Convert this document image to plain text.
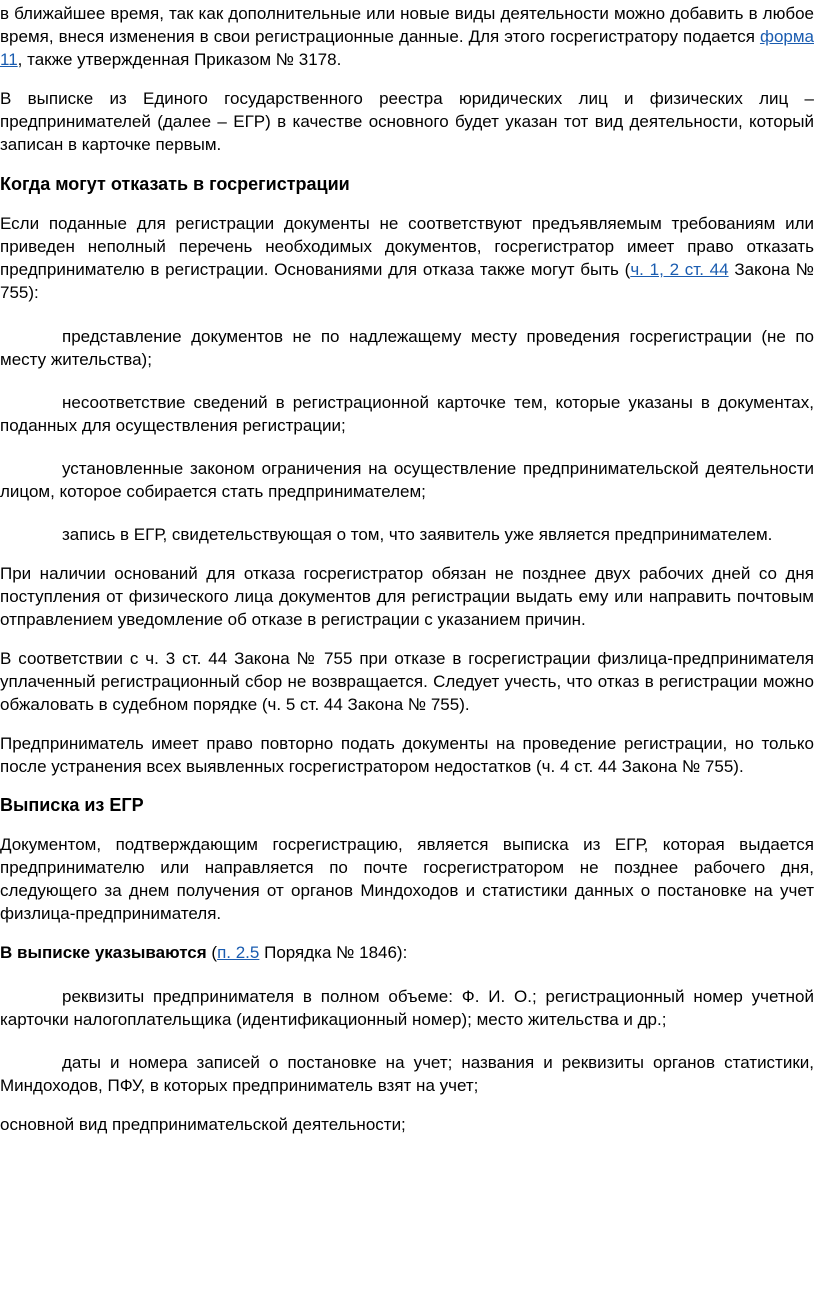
в ближайшее время, так как дополнительные или новые виды деятельности можно добавить в любое время, внеся изменения в свои регистрационные данные. Для этого госрегистратору подается форма 11, также утвержденная Приказом № 3178.

В выписке из Единого государственного реестра юридических лиц и физических лиц – предпринимателей (далее – ЕГР) в качестве основного будет указан тот вид деятельности, который записан в карточке первым.

Когда могут отказать в госрегистрации

Если поданные для регистрации документы не соответствуют предъявляемым требованиям или приведен неполный перечень необходимых документов, госрегистратор имеет право отказать предпринимателю в регистрации. Основаниями для отказа также могут быть (ч. 1, 2 ст. 44 Закона № 755):

представление документов не по надлежащему месту проведения госрегистрации (не по месту жительства);

несоответствие сведений в регистрационной карточке тем, которые указаны в документах, поданных для осуществления регистрации;

установленные законом ограничения на осуществление предпринимательской деятельности лицом, которое собирается стать предпринимателем;

запись в ЕГР, свидетельствующая о том, что заявитель уже является предпринимателем.

При наличии оснований для отказа госрегистратор обязан не позднее двух рабочих дней со дня поступления от физического лица документов для регистрации выдать ему или направить почтовым отправлением уведомление об отказе в регистрации с указанием причин.

В соответствии с ч. 3 ст. 44 Закона № 755 при отказе в госрегистрации физлица-предпринимателя уплаченный регистрационный сбор не возвращается. Следует учесть, что отказ в регистрации можно обжаловать в судебном порядке (ч. 5 ст. 44 Закона № 755).

Предприниматель имеет право повторно подать документы на проведение регистрации, но только после устранения всех выявленных госрегистратором недостатков (ч. 4 ст. 44 Закона № 755).

Выписка из ЕГР

Документом, подтверждающим госрегистрацию, является выписка из ЕГР, которая выдается предпринимателю или направляется по почте госрегистратором не позднее рабочего дня, следующего за днем получения от органов Миндоходов и статистики данных о постановке на учет физлица-предпринимателя.

В выписке указываются (п. 2.5 Порядка № 1846):

реквизиты предпринимателя в полном объеме: Ф. И. О.; регистрационный номер учетной карточки налогоплательщика (идентификационный номер); место жительства и др.;

даты и номера записей о постановке на учет; названия и реквизиты органов статистики, Миндоходов, ПФУ, в которых предприниматель взят на учет;

основной вид предпринимательской деятельности;
